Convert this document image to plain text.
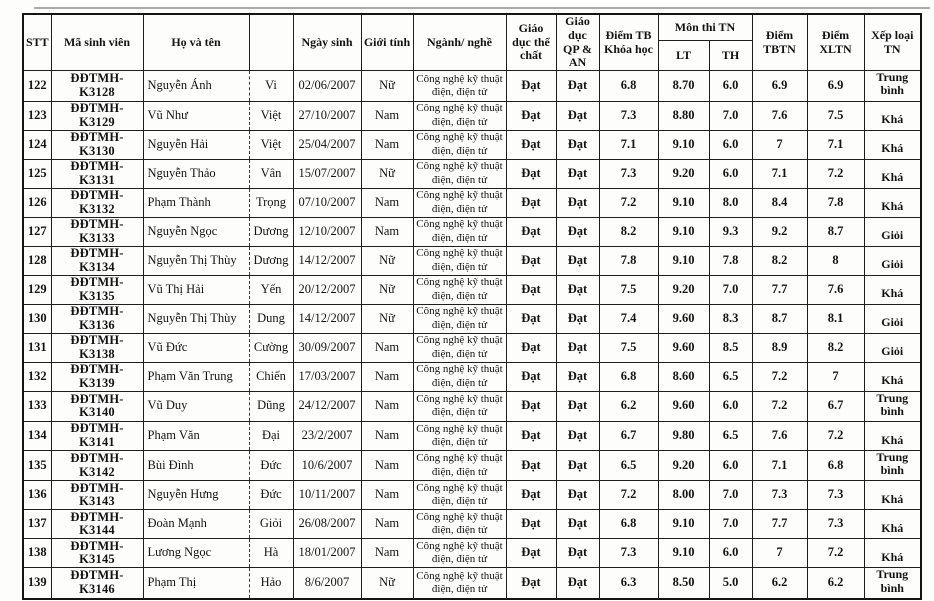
STT	Mã sinh viên	Họ và tên		Ngày sinh	Giới tính	Ngành/ nghề	Giáo dục thể chất	Giáo dục QP & AN	Điểm TB Khóa học	Môn thi TN		Điểm TBTN	Điểm XLTN	Xếp loại TN
										LT	TH			
122	ĐĐTMH-K3128	Nguyễn Ánh	Vi	02/06/2007	Nữ	Công nghệ kỹ thuật điện, điện tử	Đạt	Đạt	6.8	8.70	6.0	6.9	6.9	Trung bình
123	ĐĐTMH-K3129	Vũ Như	Việt	27/10/2007	Nam	Công nghệ kỹ thuật điện, điện tử	Đạt	Đạt	7.3	8.80	7.0	7.6	7.5	Khá
124	ĐĐTMH-K3130	Nguyễn Hải	Việt	25/04/2007	Nam	Công nghệ kỹ thuật điện, điện tử	Đạt	Đạt	7.1	9.10	6.0	7	7.1	Khá
125	ĐĐTMH-K3131	Nguyễn Thảo	Vân	15/07/2007	Nữ	Công nghệ kỹ thuật điện, điện tử	Đạt	Đạt	7.3	9.20	6.0	7.1	7.2	Khá
126	ĐĐTMH-K3132	Phạm Thành	Trọng	07/10/2007	Nam	Công nghệ kỹ thuật điện, điện tử	Đạt	Đạt	7.2	9.10	8.0	8.4	7.8	Khá
127	ĐĐTMH-K3133	Nguyễn Ngọc	Dương	12/10/2007	Nam	Công nghệ kỹ thuật điện, điện tử	Đạt	Đạt	8.2	9.10	9.3	9.2	8.7	Giỏi
128	ĐĐTMH-K3134	Nguyễn Thị Thùy	Dương	14/12/2007	Nữ	Công nghệ kỹ thuật điện, điện tử	Đạt	Đạt	7.8	9.10	7.8	8.2	8	Giỏi
129	ĐĐTMH-K3135	Vũ Thị Hải	Yến	20/12/2007	Nữ	Công nghệ kỹ thuật điện, điện tử	Đạt	Đạt	7.5	9.20	7.0	7.7	7.6	Khá
130	ĐĐTMH-K3136	Nguyễn Thị Thùy	Dung	14/12/2007	Nữ	Công nghệ kỹ thuật điện, điện tử	Đạt	Đạt	7.4	9.60	8.3	8.7	8.1	Giỏi
131	ĐĐTMH-K3138	Vũ Đức	Cường	30/09/2007	Nam	Công nghệ kỹ thuật điện, điện tử	Đạt	Đạt	7.5	9.60	8.5	8.9	8.2	Giỏi
132	ĐĐTMH-K3139	Phạm Văn Trung	Chiến	17/03/2007	Nam	Công nghệ kỹ thuật điện, điện tử	Đạt	Đạt	6.8	8.60	6.5	7.2	7	Khá
133	ĐĐTMH-K3140	Vũ Duy	Dũng	24/12/2007	Nam	Công nghệ kỹ thuật điện, điện tử	Đạt	Đạt	6.2	9.60	6.0	7.2	6.7	Trung bình
134	ĐĐTMH-K3141	Phạm Văn	Đại	23/2/2007	Nam	Công nghệ kỹ thuật điện, điện tử	Đạt	Đạt	6.7	9.80	6.5	7.6	7.2	Khá
135	ĐĐTMH-K3142	Bùi Đình	Đức	10/6/2007	Nam	Công nghệ kỹ thuật điện, điện tử	Đạt	Đạt	6.5	9.20	6.0	7.1	6.8	Trung bình
136	ĐĐTMH-K3143	Nguyễn Hưng	Đức	10/11/2007	Nam	Công nghệ kỹ thuật điện, điện tử	Đạt	Đạt	7.2	8.00	7.0	7.3	7.3	Khá
137	ĐĐTMH-K3144	Đoàn Mạnh	Giỏi	26/08/2007	Nam	Công nghệ kỹ thuật điện, điện tử	Đạt	Đạt	6.8	9.10	7.0	7.7	7.3	Khá
138	ĐĐTMH-K3145	Lương Ngọc	Hà	18/01/2007	Nam	Công nghệ kỹ thuật điện, điện tử	Đạt	Đạt	7.3	9.10	6.0	7	7.2	Khá
139	ĐĐTMH-K3146	Phạm Thị	Hảo	8/6/2007	Nữ	Công nghệ kỹ thuật điện, điện tử	Đạt	Đạt	6.3	8.50	5.0	6.2	6.2	Trung bình
